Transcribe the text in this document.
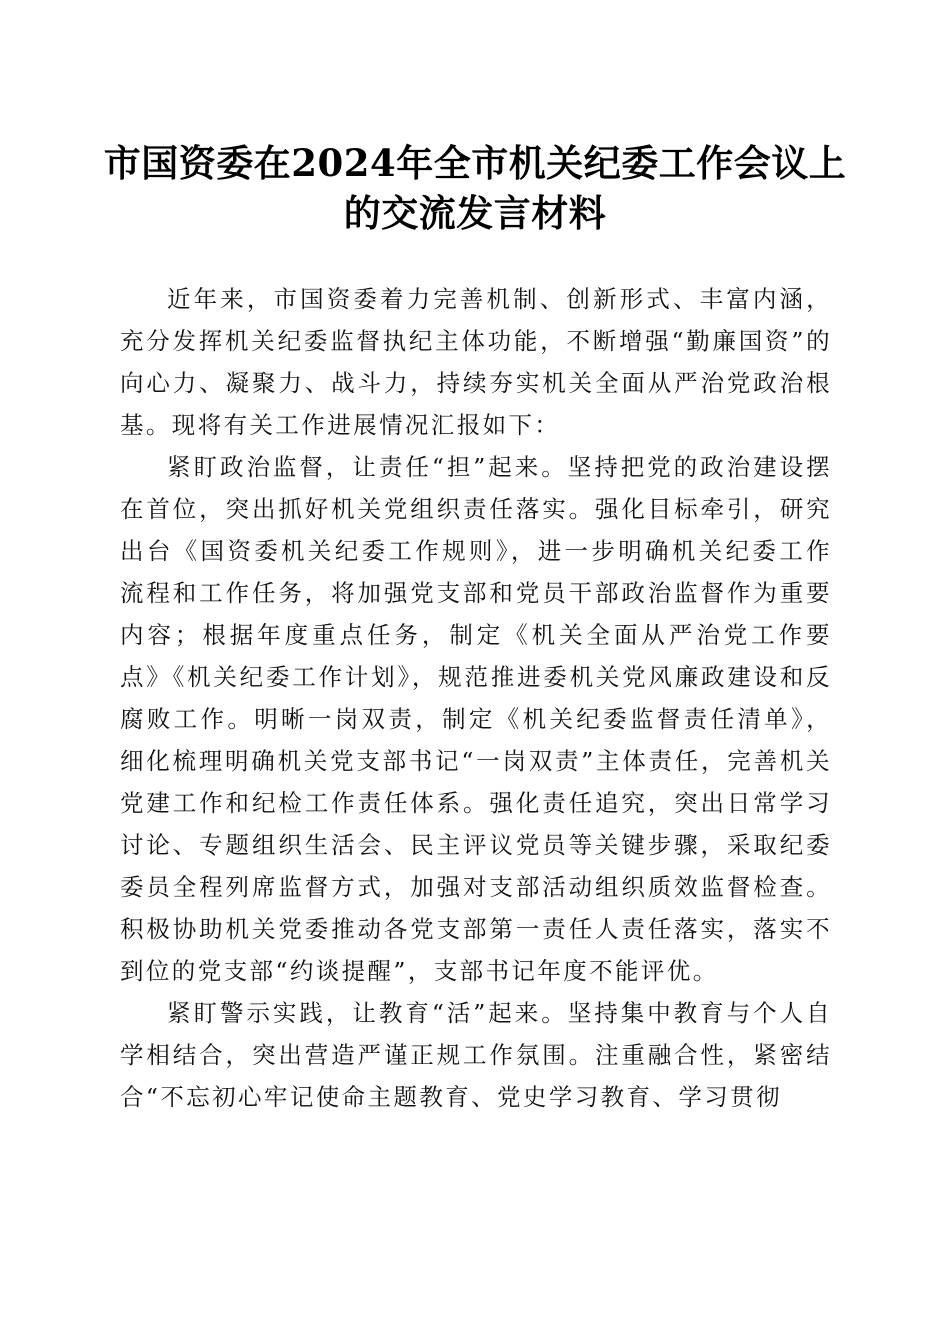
市国资委在2024年全市机关纪委工作会议上
的交流发言材料

近年来，市国资委着力完善机制、创新形式、丰富内涵，充分发挥机关纪委监督执纪主体功能，不断增强“勤廉国资”的向心力、凝聚力、战斗力，持续夯实机关全面从严治党政治根基。现将有关工作进展情况汇报如下：

紧盯政治监督，让责任“担”起来。坚持把党的政治建设摆在首位，突出抓好机关党组织责任落实。强化目标牵引，研究出台《国资委机关纪委工作规则》，进一步明确机关纪委工作流程和工作任务，将加强党支部和党员干部政治监督作为重要内容；根据年度重点任务，制定《机关全面从严治党工作要点》《机关纪委工作计划》，规范推进委机关党风廉政建设和反腐败工作。明晰一岗双责，制定《机关纪委监督责任清单》，细化梳理明确机关党支部书记“一岗双责”主体责任，完善机关党建工作和纪检工作责任体系。强化责任追究，突出日常学习讨论、专题组织生活会、民主评议党员等关键步骤，采取纪委委员全程列席监督方式，加强对支部活动组织质效监督检查。积极协助机关党委推动各党支部第一责任人责任落实，落实不到位的党支部“约谈提醒”，支部书记年度不能评优。

紧盯警示实践，让教育“活”起来。坚持集中教育与个人自学相结合，突出营造严谨正规工作氛围。注重融合性，紧密结合“不忘初心牢记使命主题教育、党史学习教育、学习贯彻
